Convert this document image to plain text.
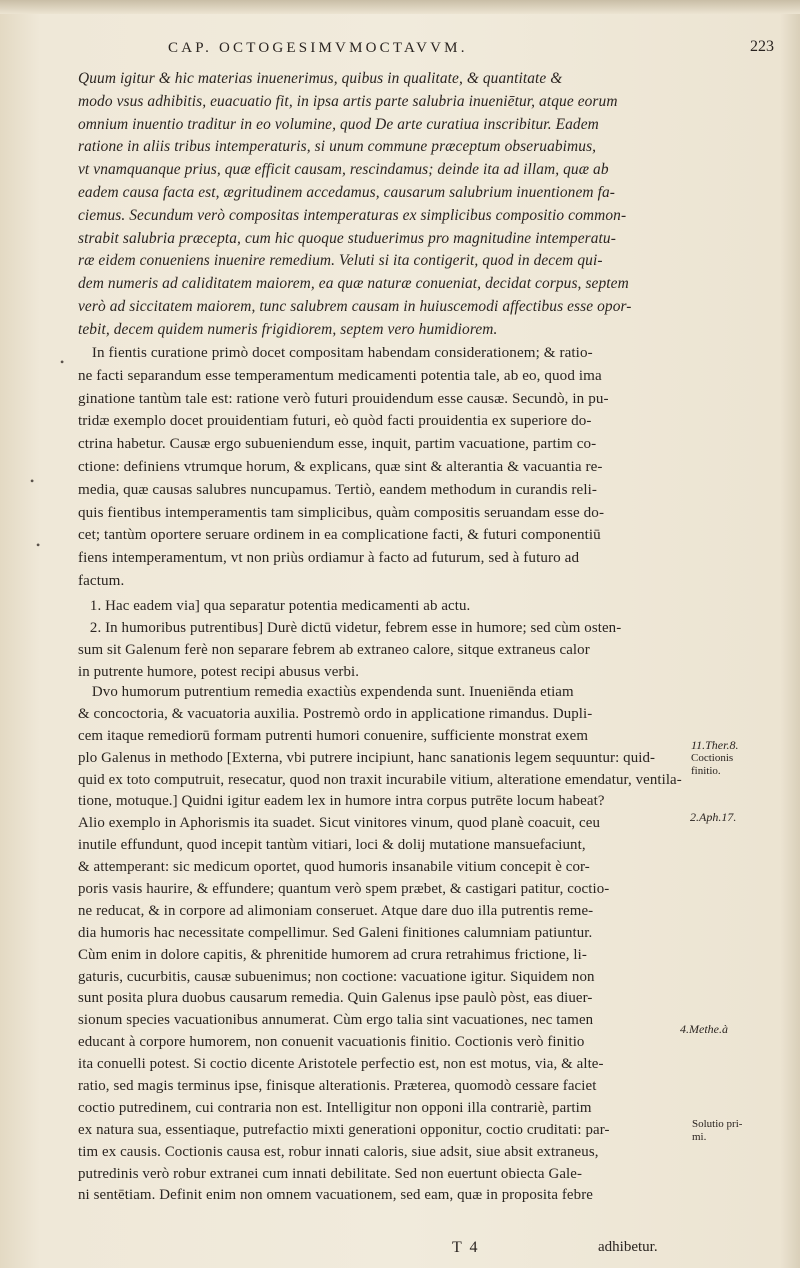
CAP. OCTOGESIMVMOCTAVVM.	223
Quum igitur & hic materias inuenerimus, quibus in qualitate, & quantitate &
modo vsus adhibitis, euacuatio fit, in ipsa artis parte salubria inueniētur, atque eorum
omnium inuentio traditur in eo volumine, quod De arte curatiua inscribitur. Eadem
ratione in aliis tribus intemperaturis, si unum commune præceptum obseruabimus,
vt vnamquanque prius, quæ efficit causam, rescindamus; deinde ita ad illam, quæ ab
eadem causa facta est, ægritudinem accedamus, causarum salubrium inuentionem fa-
ciemus. Secundum verò compositas intemperaturas ex simplicibus compositio common-
strabit salubria præcepta, cum hic quoque studuerimus pro magnitudine intemperatu-
ræ eidem conueniens inuenire remedium. Veluti si ita contigerit, quod in decem qui-
dem numeris ad caliditatem maiorem, ea quæ naturæ conueniat, decidat corpus, septem
verò ad siccitatem maiorem, tunc salubrem causam in huiuscemodi affectibus esse opor-
tebit, decem quidem numeris frigidiorem, septem vero humidiorem.
In fientis curatione primò docet compositam habendam considerationem; & ratio-
ne facti separandum esse temperamentum medicamenti potentia tale, ab eo, quod ima
ginatione tantùm tale est: ratione verò futuri prouidendum esse causæ. Secundò, in pu-
tridæ exemplo docet prouidentiam futuri, eò quòd facti prouidentia ex superiore do-
ctrina habetur. Causæ ergo subueniendum esse, inquit, partim vacuatione, partim co-
ctione: definiens vtrumque horum, & explicans, quæ sint & alterantia & vacuantia re-
media, quæ causas salubres nuncupamus. Tertiò, eandem methodum in curandis reli-
quis fientibus intemperamentis tam simplicibus, quàm compositis seruandam esse do-
cet; tantùm oportere seruare ordinem in ea complicatione facti, & futuri componentiū
fiens intemperamentum, vt non priùs ordiamur à facto ad futurum, sed à futuro ad
factum.
1. Hac eadem via] qua separatur potentia medicamenti ab actu.
2. In humoribus putrentibus] Durè dictū videtur, febrem esse in humore; sed cùm osten-
sum sit Galenum ferè non separare febrem ab extraneo calore, sitque extraneus calor
in putrente humore, potest recipi abusus verbi.
Dvo humorum putrentium remedia exactiùs expendenda sunt. Inueniēnda etiam
& concoctoria, & vacuatoria auxilia. Postremò ordo in applicatione rimandus. Dupli-
cem itaque remediorū formam putrenti humori conuenire, sufficiente monstrat exem
plo Galenus in methodo [Externa, vbi putrere incipiunt, hanc sanationis legem sequuntur: quid-
quid ex toto computruit, resecatur, quod non traxit incurabile vitium, alteratione emendatur, ventila-
tione, motuque.] Quidni igitur eadem lex in humore intra corpus putrēte locum habeat?
Alio exemplo in Aphorismis ita suadet. Sicut vinitores vinum, quod planè coacuit, ceu
inutile effundunt, quod incepit tantùm vitiari, loci & dolij mutatione mansuefaciunt,
& attemperant: sic medicum oportet, quod humoris insanabile vitium concepit è cor-
poris vasis haurire, & effundere; quantum verò spem præbet, & castigari patitur, coctio-
ne reducat, & in corpore ad alimoniam conseruet. Atque dare duo illa putrentis reme-
dia humoris hac necessitate compellimur. Sed Galeni finitiones calumniam patiuntur.
Cùm enim in dolore capitis, & phrenitide humorem ad crura retrahimus frictione, li-
gaturis, cucurbitis, causæ subuenimus; non coctione: vacuatione igitur. Siquidem non
sunt posita plura duobus causarum remedia. Quin Galenus ipse paulò pòst, eas diuer-
sionum species vacuationibus annumerat. Cùm ergo talia sint vacuationes, nec tamen
educant à corpore humorem, non conuenit vacuationis finitio. Coctionis verò finitio
ita conuelli potest. Si coctio dicente Aristotele perfectio est, non est motus, via, & alte-
ratio, sed magis terminus ipse, finisque alterationis. Præterea, quomodò cessare faciet
coctio putredinem, cui contraria non est. Intelligitur non opponi illa contrariè, partim
ex natura sua, essentiaque, putrefactio mixti generationi opponitur, coctio cruditati: par-
tim ex causis. Coctionis causa est, robur innati caloris, siue adsit, siue absit extraneus,
putredinis verò robur extranei cum innati debilitate. Sed non euertunt obiecta Gale-
ni sentētiam. Definit enim non omnem vacuationem, sed eam, quæ in proposita febre
11.Ther.8.
Coctionis
finitio.
2.Aph.17.
4.Methe.à
Solutio pri-
mi.
T 4	adhibetur.
•
•
•
